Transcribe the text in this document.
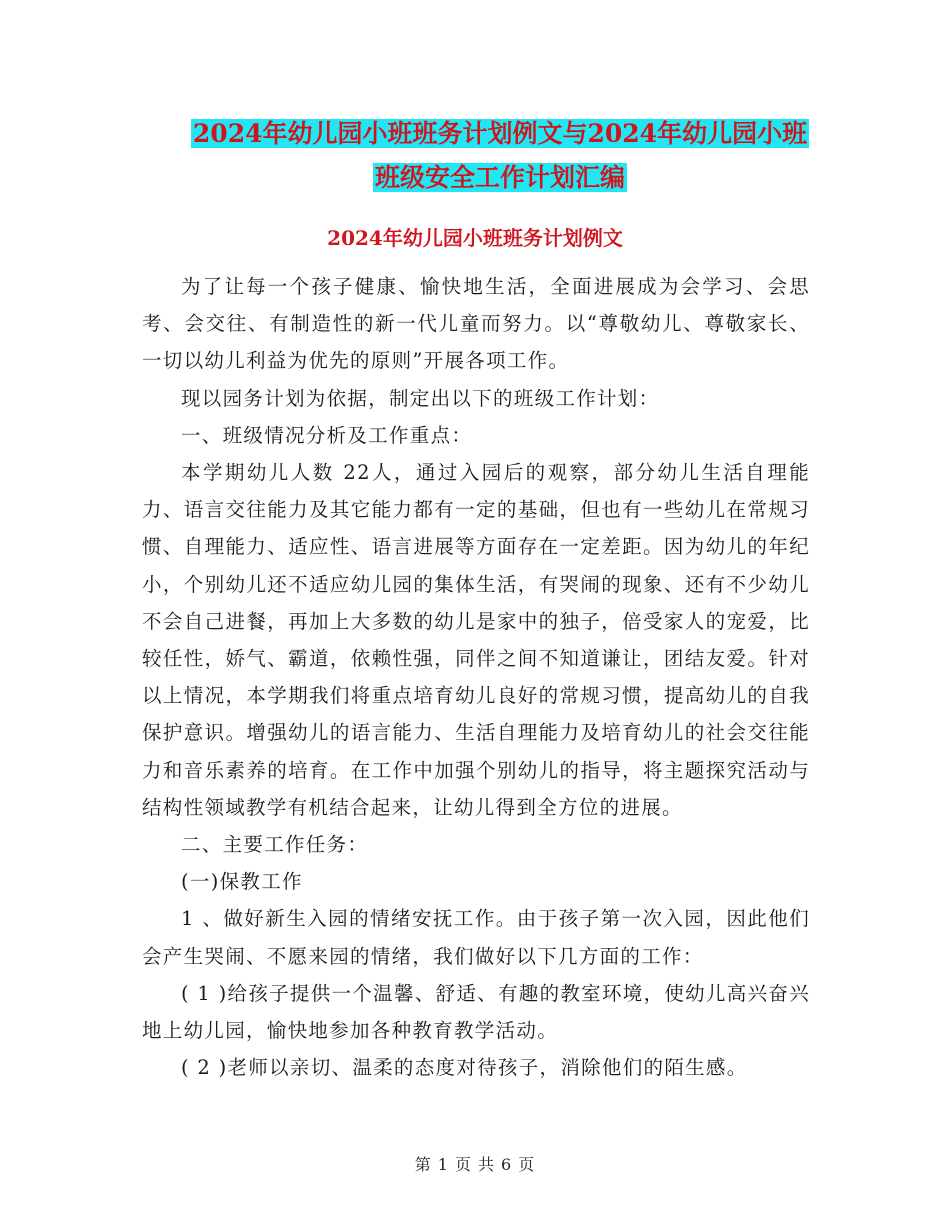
2024年幼儿园小班班务计划例文与2024年幼儿园小班
班级安全工作计划汇编
2024年幼儿园小班班务计划例文

为了让每一个孩子健康、愉快地生活，全面进展成为会学习、会思考、会交往、有制造性的新一代儿童而努力。以“尊敬幼儿、尊敬家长、一切以幼儿利益为优先的原则”开展各项工作。

现以园务计划为依据，制定出以下的班级工作计划：

一、班级情况分析及工作重点：

本学期幼儿人数 22人，通过入园后的观察，部分幼儿生活自理能力、语言交往能力及其它能力都有一定的基础，但也有一些幼儿在常规习惯、自理能力、适应性、语言进展等方面存在一定差距。因为幼儿的年纪小，个别幼儿还不适应幼儿园的集体生活，有哭闹的现象、还有不少幼儿不会自己进餐，再加上大多数的幼儿是家中的独子，倍受家人的宠爱，比较任性，娇气、霸道，依赖性强，同伴之间不知道谦让，团结友爱。针对以上情况，本学期我们将重点培育幼儿良好的常规习惯，提高幼儿的自我保护意识。增强幼儿的语言能力、生活自理能力及培育幼儿的社会交往能力和音乐素养的培育。在工作中加强个别幼儿的指导，将主题探究活动与结构性领域教学有机结合起来，让幼儿得到全方位的进展。

二、主要工作任务：

(一)保教工作

1 、做好新生入园的情绪安抚工作。由于孩子第一次入园，因此他们会产生哭闹、不愿来园的情绪，我们做好以下几方面的工作：

( 1 )给孩子提供一个温馨、舒适、有趣的教室环境，使幼儿高兴奋兴地上幼儿园，愉快地参加各种教育教学活动。

( 2 )老师以亲切、温柔的态度对待孩子，消除他们的陌生感。

第 1 页 共 6 页
